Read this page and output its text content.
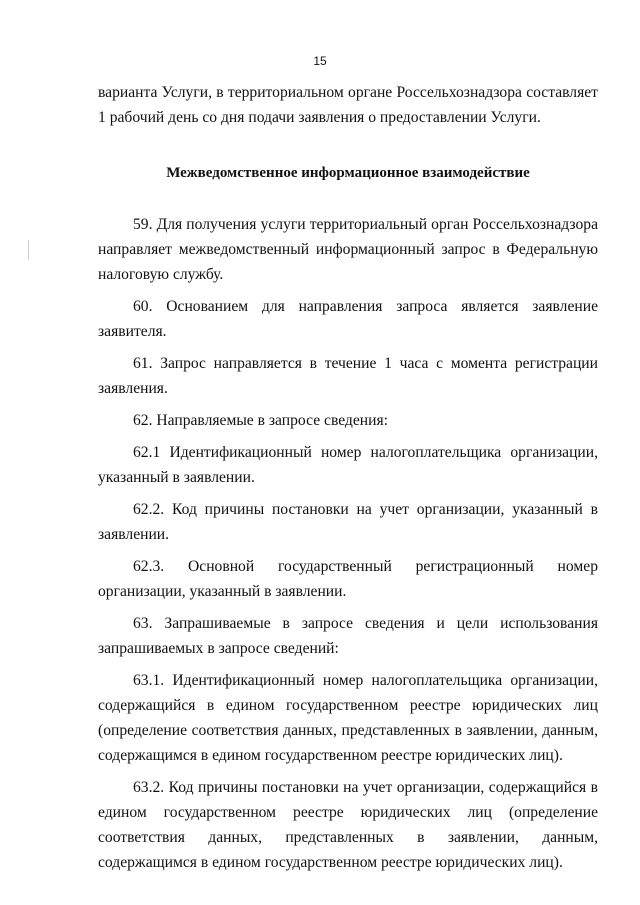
15

варианта Услуги, в территориальном органе Россельхознадзора составляет 1 рабочий день со дня подачи заявления о предоставлении Услуги.

Межведомственное информационное взаимодействие

59. Для получения услуги территориальный орган Россельхознадзора направляет межведомственный информационный запрос в Федеральную налоговую службу.

60. Основанием для направления запроса является заявление заявителя.

61. Запрос направляется в течение 1 часа с момента регистрации заявления.

62. Направляемые в запросе сведения:

62.1 Идентификационный номер налогоплательщика организации, указанный в заявлении.

62.2. Код причины постановки на учет организации, указанный в заявлении.

62.3. Основной государственный регистрационный номер организации, указанный в заявлении.

63. Запрашиваемые в запросе сведения и цели использования запрашиваемых в запросе сведений:

63.1. Идентификационный номер налогоплательщика организации, содержащийся в едином государственном реестре юридических лиц (определение соответствия данных, представленных в заявлении, данным, содержащимся в едином государственном реестре юридических лиц).

63.2. Код причины постановки на учет организации, содержащийся в едином государственном реестре юридических лиц (определение соответствия данных, представленных в заявлении, данным, содержащимся в едином государственном реестре юридических лиц).
